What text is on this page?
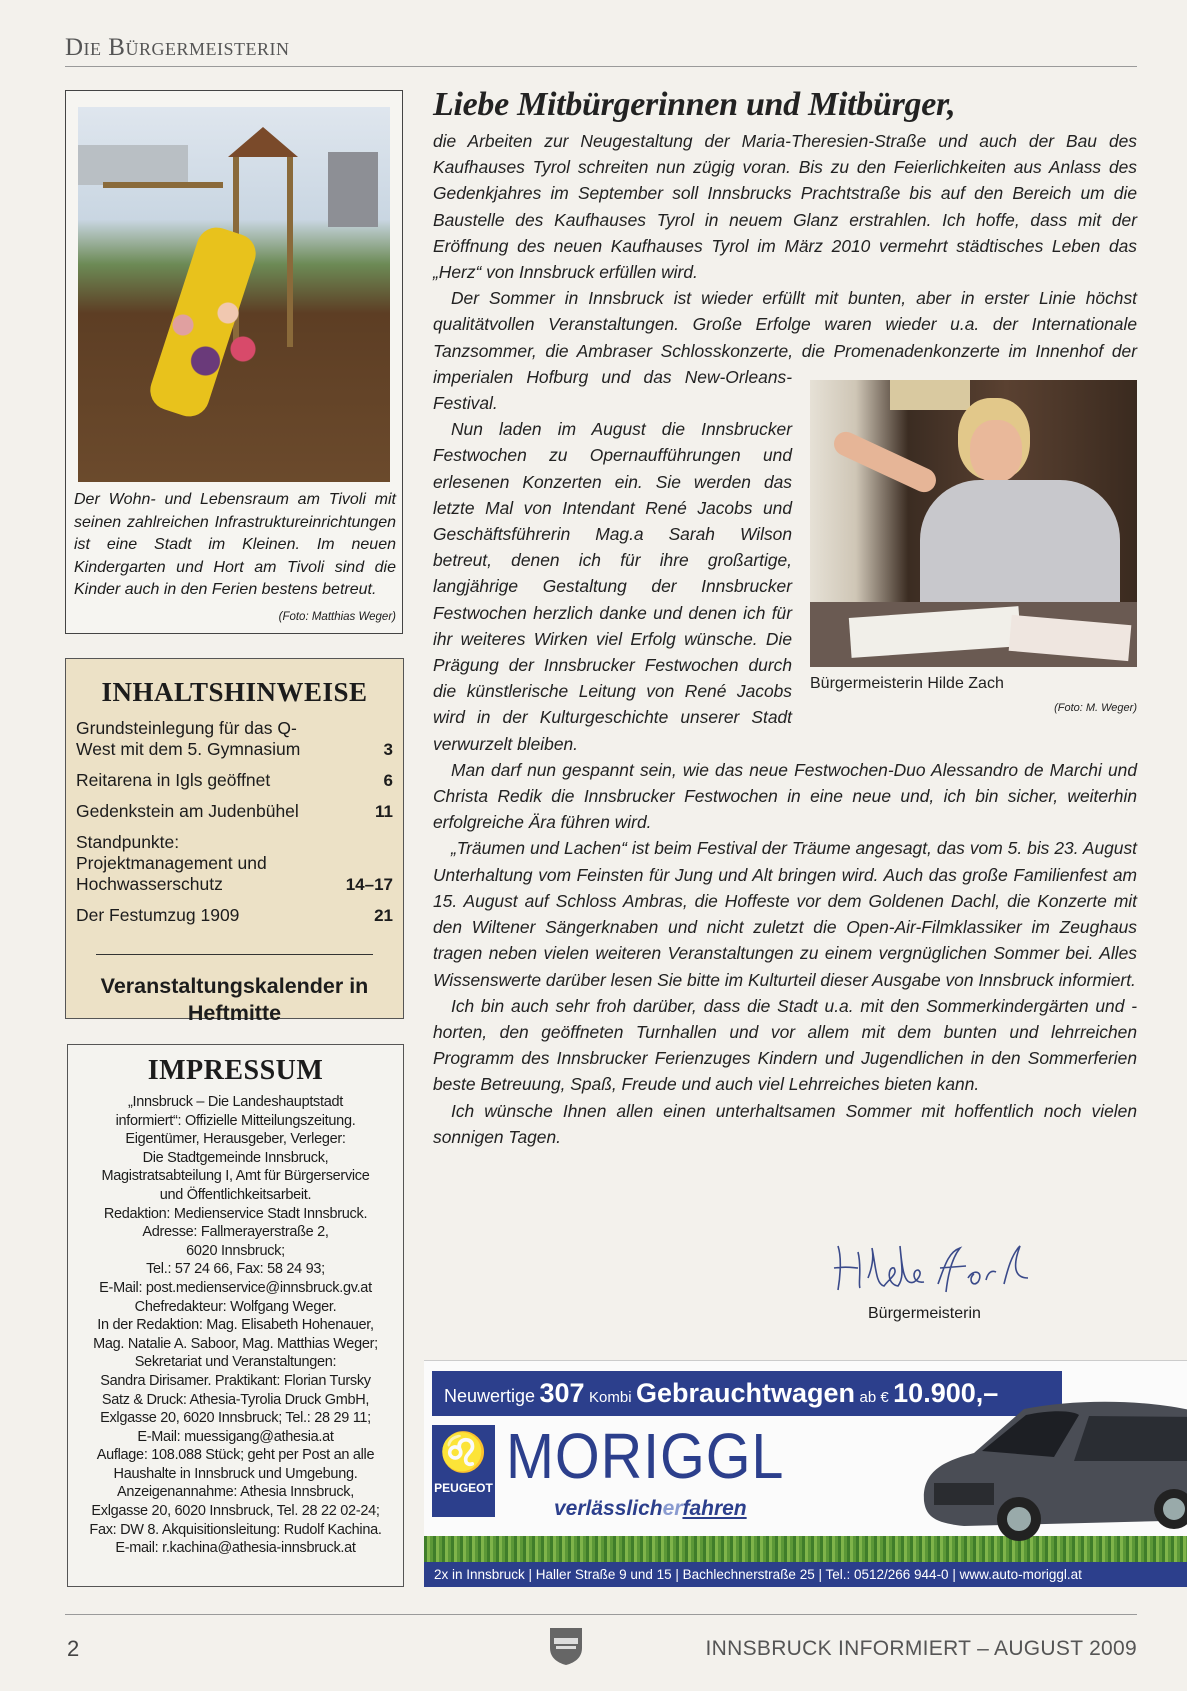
Die Bürgermeisterin
Der Wohn- und Lebensraum am Tivoli mit seinen zahlreichen Infrastruktureinrichtungen ist eine Stadt im Kleinen. Im neuen Kindergarten und Hort am Tivoli sind die Kinder auch in den Ferien bestens betreut.
(Foto: Matthias Weger)
INHALTSHINWEISE
Grundsteinlegung für das Q-West mit dem 5. Gymnasium	3
Reitarena in Igls geöffnet	6
Gedenkstein am Judenbühel	11
Standpunkte: Projektmanagement und Hochwasserschutz	14–17
Der Festumzug 1909	21
Veranstaltungskalender in Heftmitte
IMPRESSUM

„Innsbruck – Die Landeshauptstadt

informiert“: Offizielle Mitteilungszeitung.

Eigentümer, Herausgeber, Verleger:

Die Stadtgemeinde Innsbruck,

Magistratsabteilung I, Amt für Bürgerservice

und Öffentlichkeitsarbeit.

Redaktion: Medienservice Stadt Innsbruck.

Adresse: Fallmerayerstraße 2,

6020 Innsbruck;

Tel.: 57 24 66, Fax: 58 24 93;

E-Mail: post.medienservice@innsbruck.gv.at

Chefredakteur: Wolfgang Weger.

In der Redaktion: Mag. Elisabeth Hohenauer,

Mag. Natalie A. Saboor, Mag. Matthias Weger;

Sekretariat und Veranstaltungen:

Sandra Dirisamer. Praktikant: Florian Tursky

Satz & Druck: Athesia-Tyrolia Druck GmbH,

Exlgasse 20, 6020 Innsbruck; Tel.: 28 29 11;

E-Mail: muessigang@athesia.at

Auflage: 108.088 Stück; geht per Post an alle

Haushalte in Innsbruck und Umgebung.

Anzeigenannahme: Athesia Innsbruck,

Exlgasse 20, 6020 Innsbruck, Tel. 28 22 02-24;

Fax: DW 8. Akquisitionsleitung: Rudolf Kachina.

E-mail: r.kachina@athesia-innsbruck.at

Liebe Mitbürgerinnen und Mitbürger,
Bürgermeisterin Hilde Zach
(Foto: M. Weger)

die Arbeiten zur Neugestaltung der Maria-Theresien-Straße und auch der Bau des Kaufhauses Tyrol schreiten nun zügig voran. Bis zu den Feierlichkeiten aus Anlass des Gedenkjahres im September soll Innsbrucks Prachtstraße bis auf den Bereich um die Baustelle des Kaufhauses Tyrol in neuem Glanz erstrahlen. Ich hoffe, dass mit der Eröffnung des neuen Kaufhauses Tyrol im März 2010 vermehrt städtisches Leben das „Herz“ von Innsbruck erfüllen wird.

Der Sommer in Innsbruck ist wieder erfüllt mit bunten, aber in erster Linie höchst qualitätvollen Veranstaltungen. Große Erfolge waren wieder u.a. der Internationale Tanzsommer, die Ambraser Schlosskonzerte, die Promenadenkonzerte im Innenhof der imperialen Hofburg und das New-Orleans-Festival.

Nun laden im August die Innsbrucker Festwochen zu Opernaufführungen und erlesenen Konzerten ein. Sie werden das letzte Mal von Intendant René Jacobs und Geschäftsführerin Mag.a Sarah Wilson betreut, denen ich für ihre großartige, langjährige Gestaltung der Innsbrucker Festwochen herzlich danke und denen ich für ihr weiteres Wirken viel Erfolg wünsche. Die Prägung der Innsbrucker Festwochen durch die künstlerische Leitung von René Jacobs wird in der Kulturgeschichte unserer Stadt verwurzelt bleiben.

Man darf nun gespannt sein, wie das neue Festwochen-Duo Alessandro de Marchi und Christa Redik die Innsbrucker Festwochen in eine neue und, ich bin sicher, weiterhin erfolgreiche Ära führen wird.

„Träumen und Lachen“ ist beim Festival der Träume angesagt, das vom 5. bis 23. August Unterhaltung vom Feinsten für Jung und Alt bringen wird. Auch das große Familienfest am 15. August auf Schloss Ambras, die Hoffeste vor dem Goldenen Dachl, die Konzerte mit den Wiltener Sängerknaben und nicht zuletzt die Open-Air-Filmklassiker im Zeughaus tragen neben vielen weiteren Veranstaltungen zu einem vergnüglichen Sommer bei. Alles Wissenswerte darüber lesen Sie bitte im Kulturteil dieser Ausgabe von Innsbruck informiert.

Ich bin auch sehr froh darüber, dass die Stadt u.a. mit den Sommerkindergärten und -horten, den geöffneten Turnhallen und vor allem mit dem bunten und lehrreichen Programm des Innsbrucker Ferienzuges Kindern und Jugendlichen in den Sommerferien beste Betreuung, Spaß, Freude und auch viel Lehrreiches bieten kann.

Ich wünsche Ihnen allen einen unterhaltsamen Sommer mit hoffentlich noch vielen sonnigen Tagen.

Bürgermeisterin
Neuwertige 307 Kombi Gebrauchtwagen ab € 10.900,–
♌
PEUGEOT MORIGGL
verlässlicherfahren
2x in Innsbruck | Haller Straße 9 und 15 | Bachlechnerstraße 25 | Tel.: 0512/266 944-0 | www.auto-moriggl.at
2	INNSBRUCK INFORMIERT – AUGUST 2009
